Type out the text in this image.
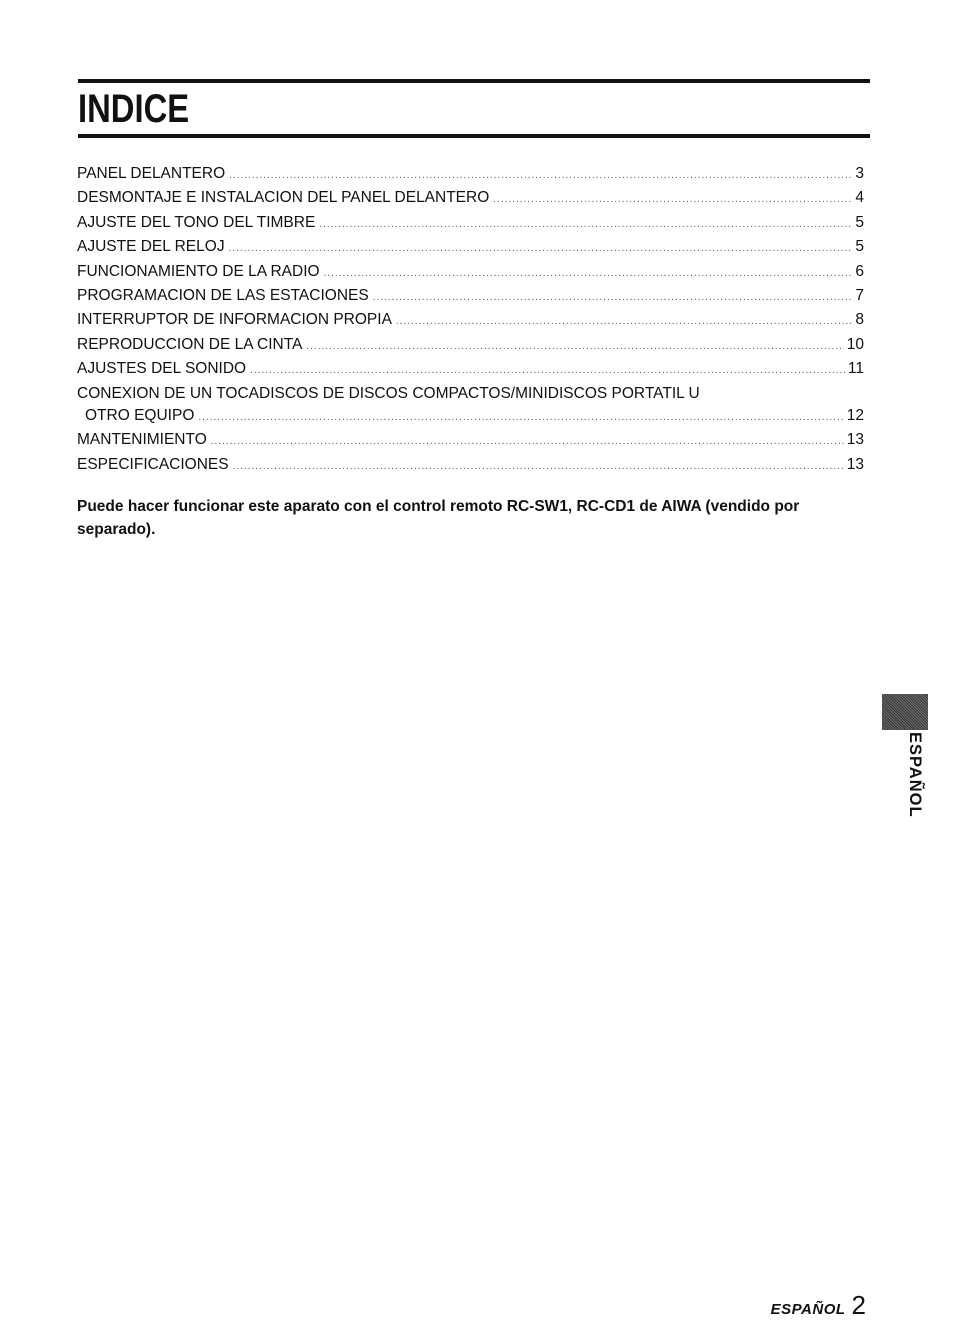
INDICE
PANEL DELANTERO .....	3
DESMONTAJE E INSTALACION DEL PANEL DELANTERO .....	4
AJUSTE DEL TONO DEL TIMBRE .....	5
AJUSTE DEL RELOJ .....	5
FUNCIONAMIENTO DE LA RADIO .....	6
PROGRAMACION DE LAS ESTACIONES .....	7
INTERRUPTOR DE INFORMACION PROPIA .....	8
REPRODUCCION DE LA CINTA .....	10
AJUSTES DEL SONIDO .....	11
CONEXION DE UN TOCADISCOS DE DISCOS COMPACTOS/MINIDISCOS PORTATIL U
OTRO EQUIPO .....	12
MANTENIMIENTO .....	13
ESPECIFICACIONES .....	13

Puede hacer funcionar este aparato con el control remoto RC-SW1, RC-CD1 de AIWA (vendido por separado).

ESPAÑOL
ESPAÑOL 2
